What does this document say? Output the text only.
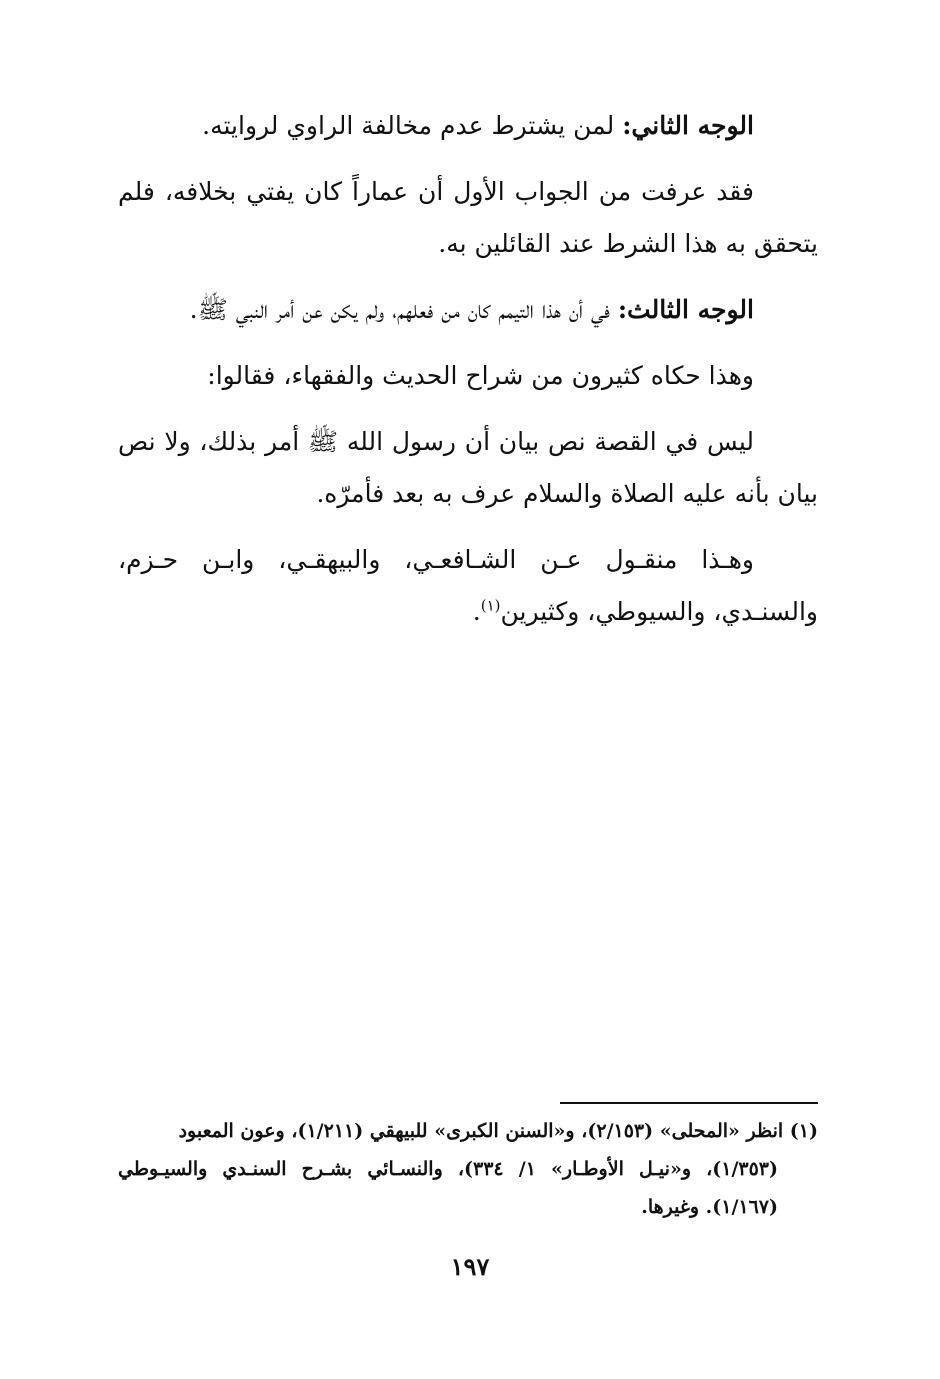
الوجه الثاني: لمن يشترط عدم مخالفة الراوي لروايته.

فقد عرفت من الجواب الأول أن عماراً كان يفتي بخلافه، فلم يتحقق به هذا الشرط عند القائلين به.

الوجه الثالث: في أن هذا التيمم كان من فعلهم، ولم يكن عن أمر النبي ﷺ.

وهذا حكاه كثيرون من شراح الحديث والفقهاء، فقالوا:

ليس في القصة نص بيان أن رسول الله ﷺ أمر بذلك، ولا نص بيان بأنه عليه الصلاة والسلام عرف به بعد فأمرّه.

وهـذا منقـول عـن الشـافعـي، والبيهقـي، وابـن حـزم، والسنـدي، والسيوطي، وكثيرين$^{(١)}$.

(١) انظر «المحلى» (٢/١٥٣)، و«السنن الكبرى» للبيهقي (١/٢١١)، وعون المعبود

(١/٣٥٣)، و«نيـل الأوطـار» ١/ ٣٣٤)، والنسـائي بشـرح السنـدي والسيـوطي (١/١٦٧). وغيرها.

١٩٧
